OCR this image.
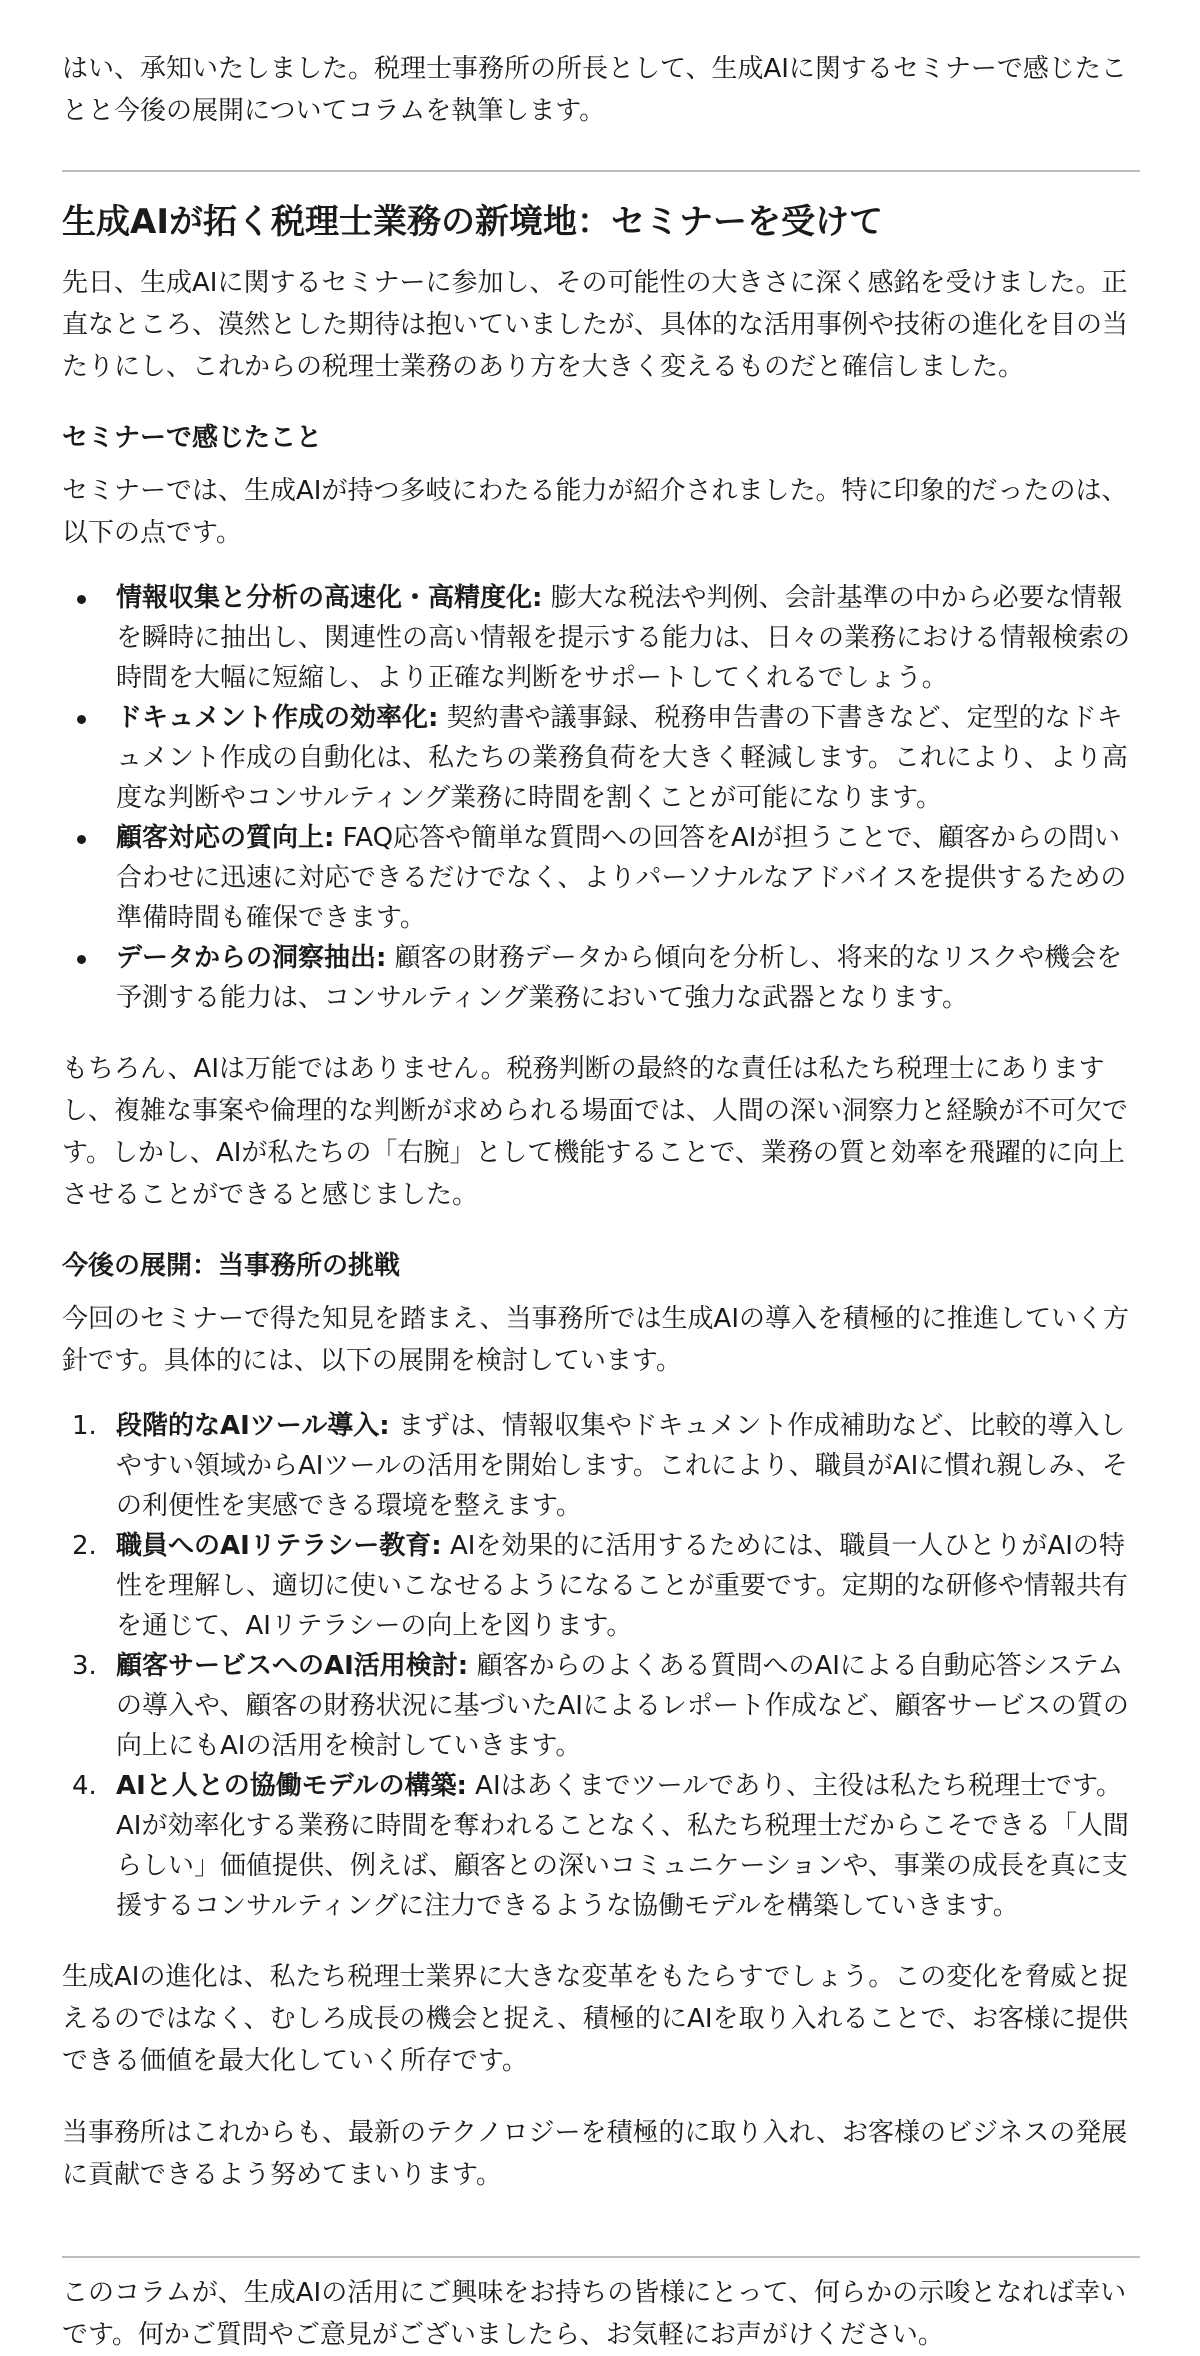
はい、承知いたしました。税理士事務所の所長として、生成AIに関するセミナーで感じたことと今後の展開についてコラムを執筆します。

生成AIが拓く税理士業務の新境地：セミナーを受けて

先日、生成AIに関するセミナーに参加し、その可能性の大きさに深く感銘を受けました。正直なところ、漠然とした期待は抱いていましたが、具体的な活用事例や技術の進化を目の当たりにし、これからの税理士業務のあり方を大きく変えるものだと確信しました。

セミナーで感じたこと

セミナーでは、生成AIが持つ多岐にわたる能力が紹介されました。特に印象的だったのは、以下の点です。

情報収集と分析の高速化・高精度化: 膨大な税法や判例、会計基準の中から必要な情報を瞬時に抽出し、関連性の高い情報を提示する能力は、日々の業務における情報検索の時間を大幅に短縮し、より正確な判断をサポートしてくれるでしょう。
ドキュメント作成の効率化: 契約書や議事録、税務申告書の下書きなど、定型的なドキュメント作成の自動化は、私たちの業務負荷を大きく軽減します。これにより、より高度な判断やコンサルティング業務に時間を割くことが可能になります。
顧客対応の質向上: FAQ応答や簡単な質問への回答をAIが担うことで、顧客からの問い合わせに迅速に対応できるだけでなく、よりパーソナルなアドバイスを提供するための準備時間も確保できます。
データからの洞察抽出: 顧客の財務データから傾向を分析し、将来的なリスクや機会を予測する能力は、コンサルティング業務において強力な武器となります。

もちろん、AIは万能ではありません。税務判断の最終的な責任は私たち税理士にありますし、複雑な事案や倫理的な判断が求められる場面では、人間の深い洞察力と経験が不可欠です。しかし、AIが私たちの「右腕」として機能することで、業務の質と効率を飛躍的に向上させることができると感じました。

今後の展開：当事務所の挑戦

今回のセミナーで得た知見を踏まえ、当事務所では生成AIの導入を積極的に推進していく方針です。具体的には、以下の展開を検討しています。

1. 段階的なAIツール導入: まずは、情報収集やドキュメント作成補助など、比較的導入しやすい領域からAIツールの活用を開始します。これにより、職員がAIに慣れ親しみ、その利便性を実感できる環境を整えます。
2. 職員へのAIリテラシー教育: AIを効果的に活用するためには、職員一人ひとりがAIの特性を理解し、適切に使いこなせるようになることが重要です。定期的な研修や情報共有を通じて、AIリテラシーの向上を図ります。
3. 顧客サービスへのAI活用検討: 顧客からのよくある質問へのAIによる自動応答システムの導入や、顧客の財務状況に基づいたAIによるレポート作成など、顧客サービスの質の向上にもAIの活用を検討していきます。
4. AIと人との協働モデルの構築: AIはあくまでツールであり、主役は私たち税理士です。AIが効率化する業務に時間を奪われることなく、私たち税理士だからこそできる「人間らしい」価値提供、例えば、顧客との深いコミュニケーションや、事業の成長を真に支援するコンサルティングに注力できるような協働モデルを構築していきます。

生成AIの進化は、私たち税理士業界に大きな変革をもたらすでしょう。この変化を脅威と捉えるのではなく、むしろ成長の機会と捉え、積極的にAIを取り入れることで、お客様に提供できる価値を最大化していく所存です。

当事務所はこれからも、最新のテクノロジーを積極的に取り入れ、お客様のビジネスの発展に貢献できるよう努めてまいります。

このコラムが、生成AIの活用にご興味をお持ちの皆様にとって、何らかの示唆となれば幸いです。何かご質問やご意見がございましたら、お気軽にお声がけください。
